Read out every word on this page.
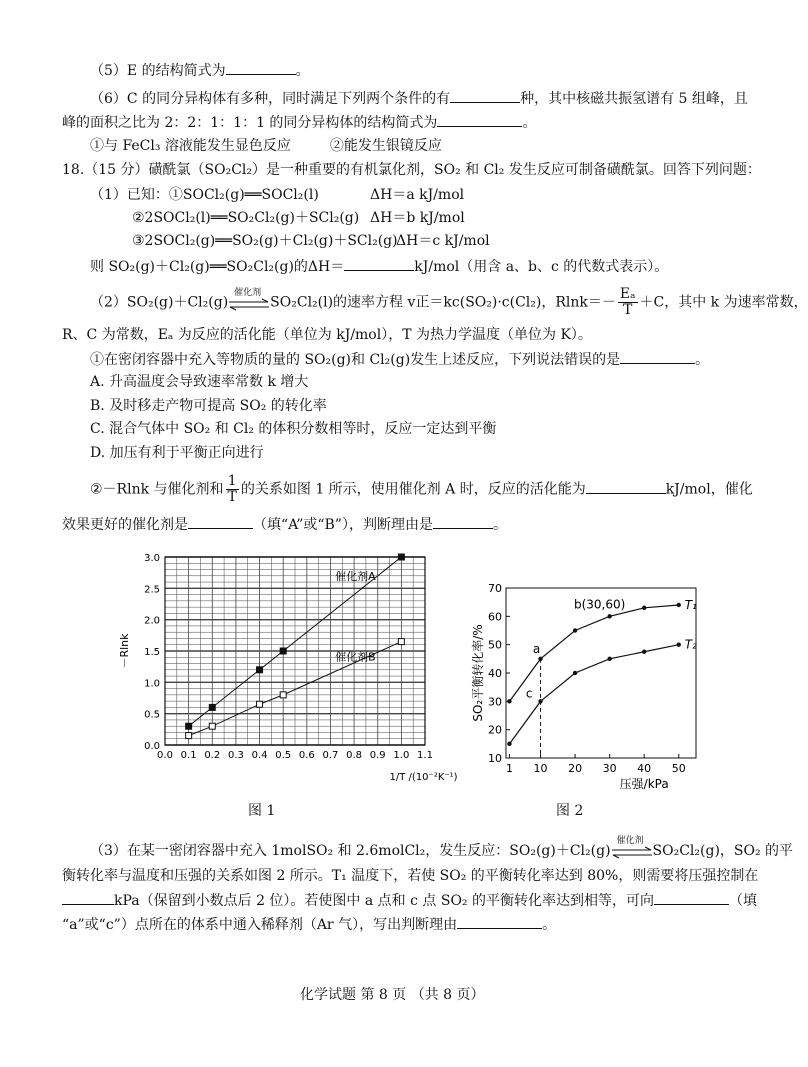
（5）E 的结构简式为	。
（6）C 的同分异构体有多种，同时满足下列两个条件的有	种，其中核磁共振氢谱有 5 组峰，且
峰的面积之比为 2：2：1：1：1 的同分异构体的结构简式为	。
①与 FeCl₃ 溶液能发生显色反应	②能发生银镜反应
18.（15 分）磺酰氯（SO₂Cl₂）是一种重要的有机氯化剂，SO₂ 和 Cl₂ 发生反应可制备磺酰氯。回答下列问题：
（1）已知：①SOCl₂(g)══SOCl₂(l)	ΔH＝a kJ/mol
②2SOCl₂(l)══SO₂Cl₂(g)＋SCl₂(g) ΔH＝b kJ/mol
③2SOCl₂(g)══SO₂(g)＋Cl₂(g)＋SCl₂(g)
ΔH＝c kJ/mol
则 SO₂(g)＋Cl₂(g)══SO₂Cl₂(g)的ΔH＝	kJ/mol（用含 a、b、c 的代数式表示）。
（2）SO₂(g)＋Cl₂(g)
催化剂
SO₂Cl₂(l)的速率方程 v正＝kc(SO₂)·c(Cl₂)，$Rlnk=- \frac{\text{Eₐ}}{T} +C$，其中 k 为速率常数，
R、C 为常数，Eₐ 为反应的活化能（单位为 kJ/mol），T 为热力学温度（单位为 K）。
①在密闭容器中充入等物质的量的 SO₂(g)和 Cl₂(g)发生上述反应，下列说法错误的是	。
A. 升高温度会导致速率常数 k 增大
B. 及时移走产物可提高 SO₂ 的转化率
C. 混合气体中 SO₂ 和 Cl₂ 的体积分数相等时，反应一定达到平衡
D. 加压有利于平衡正向进行
②－Rlnk 与催化剂和 $\frac{1}{T}$ 的关系如图 1 所示，使用催化剂 A 时，反应的活化能为	kJ/mol，催化
效果更好的催化剂是	（填“A”或“B”），判断理由是	。
0.0 0.1 0.2 0.3 0.4 0.5 0.6 0.7 0.8 0.9 1.0 1.1
0.0
0.5
1.0
1.5
2.0
2.5
3.0
－Rlnk
1/T /(10⁻²K⁻¹)
催化剂A
催化剂B
图 1
10
20
30
40
50
60
70
1 10 20 30 40 50
压强/kPa
SO₂平衡转化率/%
T₁
T₂
a
b(30,60)
c
图 2
（3）在某一密闭容器中充入 1molSO₂ 和 2.6molCl₂，发生反应：SO₂(g)＋Cl₂(g)
催化剂
SO₂Cl₂(g)，SO₂ 的平
衡转化率与温度和压强的关系如图 2 所示。T₁ 温度下，若使 SO₂ 的平衡转化率达到 80%，则需要将压强控制在
kPa（保留到小数点后 2 位）。若使图中 a 点和 c 点 SO₂ 的平衡转化率达到相等，可向	（填
“a”或“c”）点所在的体系中通入稀释剂（Ar 气），写出判断理由	。
化学试题 第 8 页 （共 8 页）
